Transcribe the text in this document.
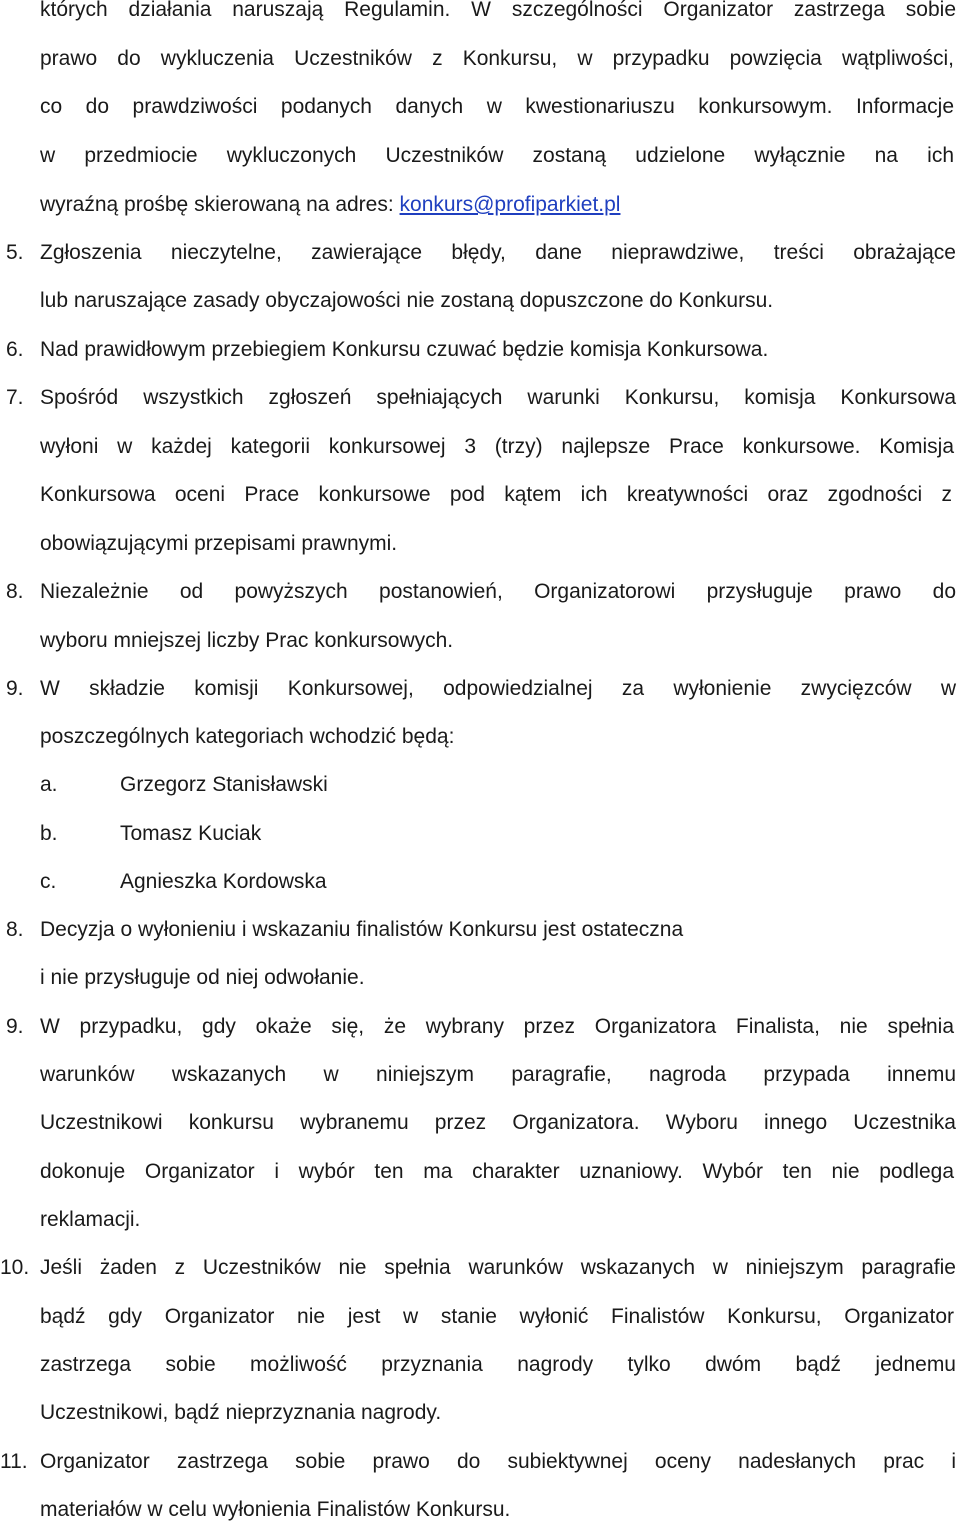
których działania naruszają Regulamin. W szczególności Organizator zastrzega sobie
prawo do wykluczenia Uczestników z Konkursu, w przypadku powzięcia wątpliwości,
co do prawdziwości podanych danych w kwestionariuszu konkursowym. Informacje
w przedmiocie wykluczonych Uczestników zostaną udzielone wyłącznie na ich
wyraźną prośbę skierowaną na adres: konkurs@profiparkiet.pl
5. Zgłoszenia nieczytelne, zawierające błędy, dane nieprawdziwe, treści obrażające
lub naruszające zasady obyczajowości nie zostaną dopuszczone do Konkursu.
6. Nad prawidłowym przebiegiem Konkursu czuwać będzie komisja Konkursowa.
7. Spośród wszystkich zgłoszeń spełniających warunki Konkursu, komisja Konkursowa
wyłoni w każdej kategorii konkursowej 3 (trzy) najlepsze Prace konkursowe. Komisja
Konkursowa oceni Prace konkursowe pod kątem ich kreatywności oraz zgodności z
obowiązującymi przepisami prawnymi.
8. Niezależnie od powyższych postanowień, Organizatorowi przysługuje prawo do
wyboru mniejszej liczby Prac konkursowych.
9. W składzie komisji Konkursowej, odpowiedzialnej za wyłonienie zwycięzców w
poszczególnych kategoriach wchodzić będą:
a.	Grzegorz Stanisławski
b.	Tomasz Kuciak
c.	Agnieszka Kordowska
8. Decyzja o wyłonieniu i wskazaniu finalistów Konkursu jest ostateczna
i nie przysługuje od niej odwołanie.
9. W przypadku, gdy okaże się, że wybrany przez Organizatora Finalista, nie spełnia
warunków wskazanych w niniejszym paragrafie, nagroda przypada innemu
Uczestnikowi konkursu wybranemu przez Organizatora. Wyboru innego Uczestnika
dokonuje Organizator i wybór ten ma charakter uznaniowy. Wybór ten nie podlega
reklamacji.
10. Jeśli żaden z Uczestników nie spełnia warunków wskazanych w niniejszym paragrafie
bądź gdy Organizator nie jest w stanie wyłonić Finalistów Konkursu, Organizator
zastrzega sobie możliwość przyznania nagrody tylko dwóm bądź jednemu
Uczestnikowi, bądź nieprzyznania nagrody.
11. Organizator zastrzega sobie prawo do subiektywnej oceny nadesłanych prac i
materiałów w celu wyłonienia Finalistów Konkursu.
